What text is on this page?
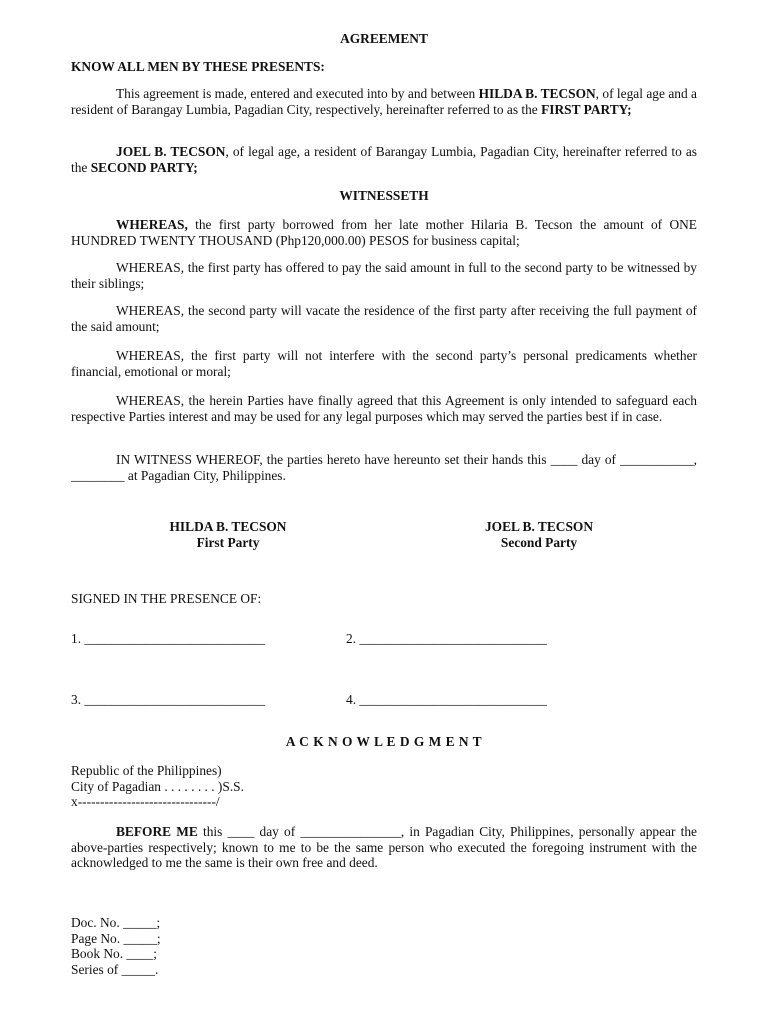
AGREEMENT
KNOW ALL MEN BY THESE PRESENTS:
This agreement is made, entered and executed into by and between HILDA B. TECSON, of legal age and a resident of Barangay Lumbia, Pagadian City, respectively, hereinafter referred to as the FIRST PARTY;
JOEL B. TECSON, of legal age, a resident of Barangay Lumbia, Pagadian City, hereinafter referred to as the SECOND PARTY;
WITNESSETH
WHEREAS, the first party borrowed from her late mother Hilaria B. Tecson the amount of ONE HUNDRED TWENTY THOUSAND (Php120,000.00) PESOS for business capital;
WHEREAS, the first party has offered to pay the said amount in full to the second party to be witnessed by their siblings;
WHEREAS, the second party will vacate the residence of the first party after receiving the full payment of the said amount;
WHEREAS, the first party will not interfere with the second party’s personal predicaments whether financial, emotional or moral;
WHEREAS, the herein Parties have finally agreed that this Agreement is only intended to safeguard each respective Parties interest and may be used for any legal purposes which may served the parties best if in case.
IN WITNESS WHEREOF, the parties hereto have hereunto set their hands this ____ day of ___________, ________ at Pagadian City, Philippines.
HILDA B. TECSON
First Party
JOEL B. TECSON
Second Party
SIGNED IN THE PRESENCE OF:
1. ___________________________	2. ____________________________
3. ___________________________	4. ____________________________
A C K N O W L E D G M E N T
Republic of the Philippines)
City of Pagadian . . . . . . . . )S.S.
x-------------------------------/
BEFORE ME this ____ day of _______________, in Pagadian City, Philippines, personally appear the above-parties respectively; known to me to be the same person who executed the foregoing instrument with the acknowledged to me the same is their own free and deed.
Doc. No. _____;
Page No. _____;
Book No. ____;
Series of _____.
